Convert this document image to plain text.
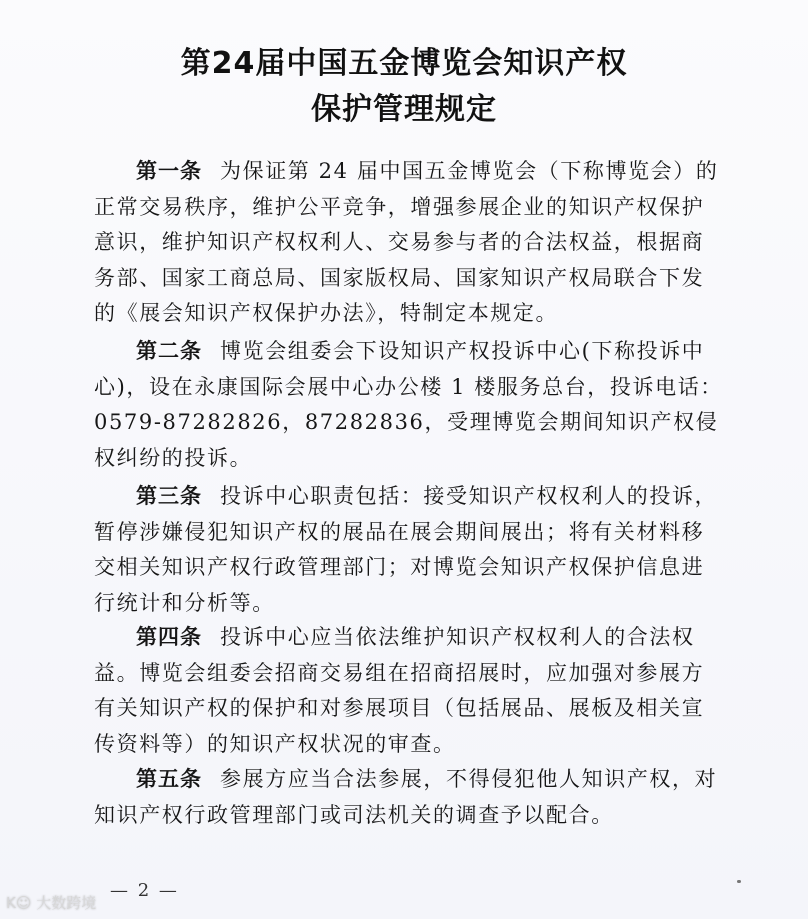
第24届中国五金博览会知识产权
保护管理规定
第一条 为保证第 24 届中国五金博览会（下称博览会）的正常交易秩序，维护公平竞争，增强参展企业的知识产权保护意识，维护知识产权权利人、交易参与者的合法权益，根据商务部、国家工商总局、国家版权局、国家知识产权局联合下发的《展会知识产权保护办法》，特制定本规定。
第二条 博览会组委会下设知识产权投诉中心(下称投诉中心)，设在永康国际会展中心办公楼 1 楼服务总台，投诉电话：0579-87282826，87282836，受理博览会期间知识产权侵权纠纷的投诉。
第三条 投诉中心职责包括：接受知识产权权利人的投诉，暂停涉嫌侵犯知识产权的展品在展会期间展出；将有关材料移交相关知识产权行政管理部门；对博览会知识产权保护信息进行统计和分析等。
第四条 投诉中心应当依法维护知识产权权利人的合法权益。博览会组委会招商交易组在招商招展时，应加强对参展方有关知识产权的保护和对参展项目（包括展品、展板及相关宣传资料等）的知识产权状况的审查。
第五条 参展方应当合法参展，不得侵犯他人知识产权，对知识产权行政管理部门或司法机关的调查予以配合。
— 2 —
K☺ 大数跨境
